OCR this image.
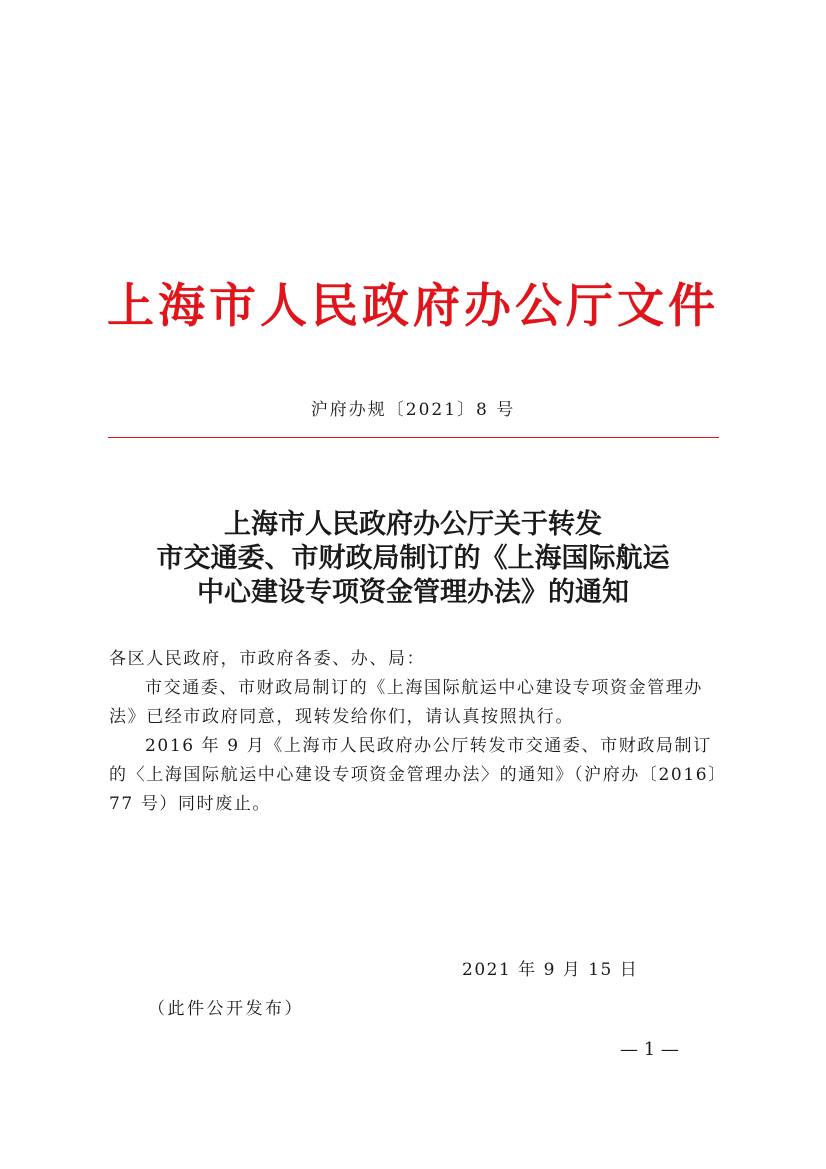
上海市人民政府办公厅文件
沪府办规〔2021〕8 号
上海市人民政府办公厅关于转发
市交通委、市财政局制订的《上海国际航运
中心建设专项资金管理办法》的通知

各区人民政府，市政府各委、办、局：

市交通委、市财政局制订的《上海国际航运中心建设专项资金管理办法》已经市政府同意，现转发给你们，请认真按照执行。

2016 年 9 月《上海市人民政府办公厅转发市交通委、市财政局制订的〈上海国际航运中心建设专项资金管理办法〉的通知》（沪府办〔2016〕77 号）同时废止。

2021 年 9 月 15 日
（此件公开发布）
— 1 —
